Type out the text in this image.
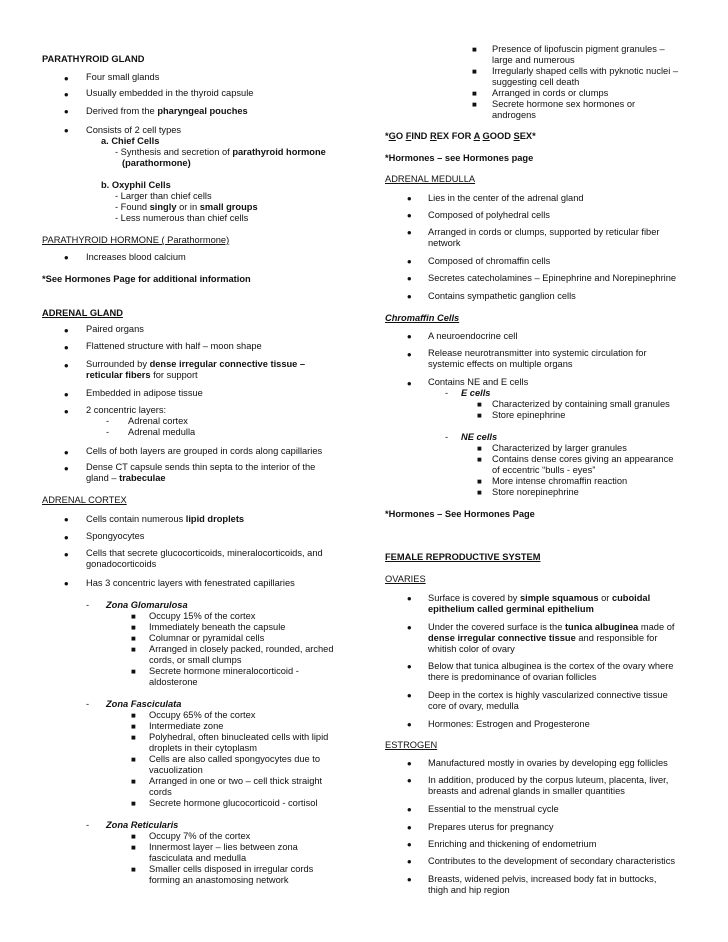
PARATHYROID GLAND
• Four small glands
• Usually embedded in the thyroid capsule
• Derived from the pharyngeal pouches
• Consists of 2 cell types
a. Chief Cells
- Synthesis and secretion of parathyroid hormone
(parathormone)
b. Oxyphil Cells
- Larger than chief cells
- Found singly or in small groups
- Less numerous than chief cells
PARATHYROID HORMONE ( Parathormone)
• Increases blood calcium
*See Hormones Page for additional information
ADRENAL GLAND
• Paired organs
• Flattened structure with half – moon shape
• Surrounded by dense irregular connective tissue –
reticular fibers for support
• Embedded in adipose tissue
• 2 concentric layers:
- Adrenal cortex
- Adrenal medulla
• Cells of both layers are grouped in cords along capillaries
• Dense CT capsule sends thin septa to the interior of the
gland – trabeculae
ADRENAL CORTEX
• Cells contain numerous lipid droplets
• Spongyocytes
• Cells that secrete glucocorticoids, mineralocorticoids, and
gonadocorticoids
• Has 3 concentric layers with fenestrated capillaries
- Zona Glomarulosa
■ Occupy 15% of the cortex
■ Immediately beneath the capsule
■ Columnar or pyramidal cells
■ Arranged in closely packed, rounded, arched
cords, or small clumps
■ Secrete hormone mineralocorticoid -
aldosterone
- Zona Fasciculata
■ Occupy 65% of the cortex
■ Intermediate zone
■ Polyhedral, often binucleated cells with lipid
droplets in their cytoplasm
■ Cells are also called spongyocytes due to
vacuolization
■ Arranged in one or two – cell thick straight
cords
■ Secrete hormone glucocorticoid - cortisol
- Zona Reticularis
■ Occupy 7% of the cortex
■ Innermost layer – lies between zona
fasciculata and medulla
■ Smaller cells disposed in irregular cords
forming an anastomosing network
■ Presence of lipofuscin pigment granules –
large and numerous
■ Irregularly shaped cells with pyknotic nuclei –
suggesting cell death
■ Arranged in cords or clumps
■ Secrete hormone sex hormones or
androgens
*GO FIND REX FOR A GOOD SEX*
*Hormones – see Hormones page
ADRENAL MEDULLA
• Lies in the center of the adrenal gland
• Composed of polyhedral cells
• Arranged in cords or clumps, supported by reticular fiber
network
• Composed of chromaffin cells
• Secretes catecholamines – Epinephrine and Norepinephrine
• Contains sympathetic ganglion cells
Chromaffin Cells
• A neuroendocrine cell
• Release neurotransmitter into systemic circulation for
systemic effects on multiple organs
• Contains NE and E cells
- E cells
■ Characterized by containing small granules
■ Store epinephrine
- NE cells
■ Characterized by larger granules
■ Contains dense cores giving an appearance
of eccentric “bulls - eyes”
■ More intense chromaffin reaction
■ Store norepinephrine
*Hormones – See Hormones Page
FEMALE REPRODUCTIVE SYSTEM
OVARIES
• Surface is covered by simple squamous or cuboidal
epithelium called germinal epithelium
• Under the covered surface is the tunica albuginea made of
dense irregular connective tissue and responsible for
whitish color of ovary
• Below that tunica albuginea is the cortex of the ovary where
there is predominance of ovarian follicles
• Deep in the cortex is highly vascularized connective tissue
core of ovary, medulla
• Hormones: Estrogen and Progesterone
ESTROGEN
• Manufactured mostly in ovaries by developing egg follicles
• In addition, produced by the corpus luteum, placenta, liver,
breasts and adrenal glands in smaller quantities
• Essential to the menstrual cycle
• Prepares uterus for pregnancy
• Enriching and thickening of endometrium
• Contributes to the development of secondary characteristics
• Breasts, widened pelvis, increased body fat in buttocks,
thigh and hip region
